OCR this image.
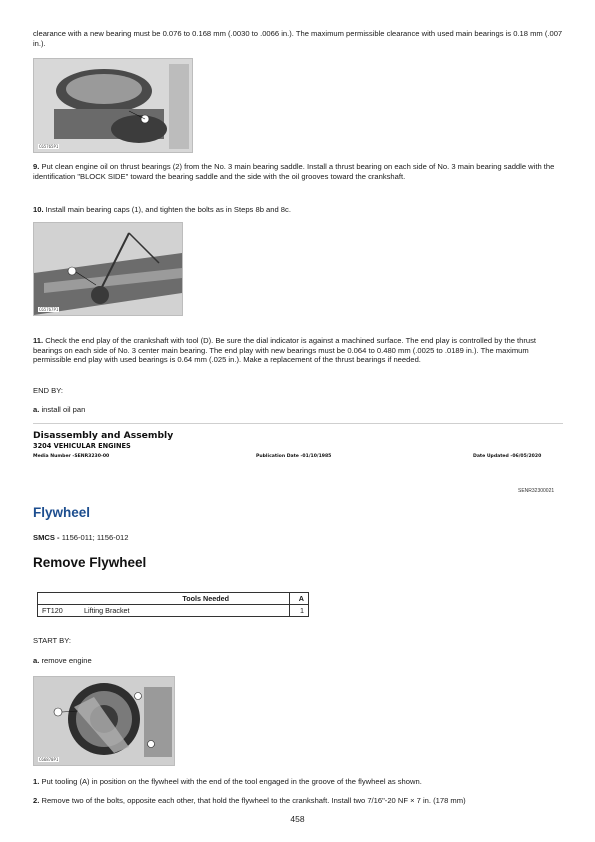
clearance with a new bearing must be 0.076 to 0.168 mm (.0030 to .0066 in.). The maximum permissible clearance with used main bearings is 0.18 mm (.007 in.).
C65765P1
9. Put clean engine oil on thrust bearings (2) from the No. 3 main bearing saddle. Install a thrust bearing on each side of No. 3 main bearing saddle with the identification "BLOCK SIDE" toward the bearing saddle and the side with the oil grooves toward the crankshaft.
10. Install main bearing caps (1), and tighten the bolts as in Steps 8b and 8c.
C65767P1
11. Check the end play of the crankshaft with tool (D). Be sure the dial indicator is against a machined surface. The end play is controlled by the thrust bearings on each side of No. 3 center main bearing. The end play with new bearings must be 0.064 to 0.480 mm (.0025 to .0189 in.). The maximum permissible end play with used bearings is 0.64 mm (.025 in.). Make a replacement of the thrust bearings if needed.
END BY:
a. install oil pan
Disassembly and Assembly
3204 VEHICULAR ENGINES
Media Number -SENR3230-00	Publication Date -01/10/1985	Date Updated -06/05/2020
SENR32300021
Flywheel
SMCS - 1156-011; 1156-012
Remove Flywheel
Tools Needed		A
FT120	Lifting Bracket	1
START BY:
a. remove engine
C66870P1
1. Put tooling (A) in position on the flywheel with the end of the tool engaged in the groove of the flywheel as shown.
2. Remove two of the bolts, opposite each other, that hold the flywheel to the crankshaft. Install two 7/16"-20 NF × 7 in. (178 mm)
458
